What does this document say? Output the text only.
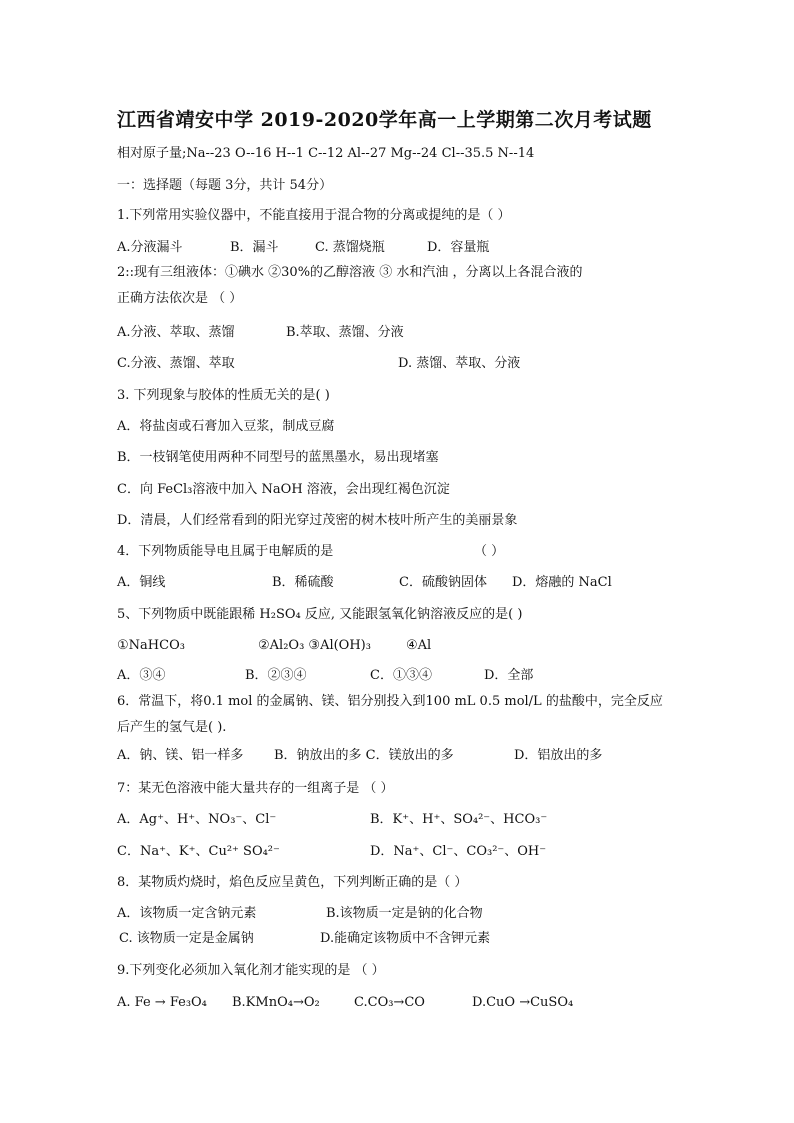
江西省靖安中学 2019-2020学年高一上学期第二次月考试题
相对原子量;Na--23 O--16 H--1 C--12 Al--27 Mg--24 Cl--35.5 N--14
一：选择题（每题 3分，共计 54分）
1.下列常用实验仪器中，不能直接用于混合物的分离或提纯的是（ ）
A.分液漏斗	B．漏斗	C. 蒸馏烧瓶	D．容量瓶
2::现有三组液体：①碘水 ②30%的乙醇溶液 ③ 水和汽油 ，分离以上各混合液的
正确方法依次是 （ ）
A.分液、萃取、蒸馏	B.萃取、蒸馏、分液
C.分液、蒸馏、萃取	D. 蒸馏、萃取、分液
3. 下列现象与胶体的性质无关的是( )
A．将盐卤或石膏加入豆浆，制成豆腐
B．一枝钢笔使用两种不同型号的蓝黑墨水，易出现堵塞
C．向 FeCl₃溶液中加入 NaOH 溶液，会出现红褐色沉淀
D．清晨，人们经常看到的阳光穿过茂密的树木枝叶所产生的美丽景象
4．下列物质能导电且属于电解质的是	（ ）
A．铜线	B．稀硫酸	C．硫酸钠固体 D．熔融的 NaCl
5、下列物质中既能跟稀 H₂SO₄ 反应, 又能跟氢氧化钠溶液反应的是( )
①NaHCO₃	②Al₂O₃ ③Al(OH)₃	④Al
A．③④	B．②③④	C．①③④	D．全部
6．常温下，将0.1 mol 的金属钠、镁、铝分别投入到100 mL 0.5 mol/L 的盐酸中，完全反应
后产生的氢气是( ).
A．钠、镁、铝一样多 B．钠放出的多 C．镁放出的多	D．铝放出的多
7：某无色溶液中能大量共存的一组离子是 （ ）
A．Ag⁺、H⁺、NO₃⁻、Cl⁻	B．K⁺、H⁺、SO₄²⁻、HCO₃⁻
C．Na⁺、K⁺、Cu²⁺ SO₄²⁻	D．Na⁺、Cl⁻、CO₃²⁻、OH⁻
8．某物质灼烧时，焰色反应呈黄色，下列判断正确的是（ ）
A．该物质一定含钠元素	B.该物质一定是钠的化合物
C. 该物质一定是金属钠	D.能确定该物质中不含钾元素
9.下列变化必须加入氧化剂才能实现的是 （ ）
A. Fe → Fe₃O₄ B.KMnO₄→O₂	C.CO₃→CO	D.CuO →CuSO₄
